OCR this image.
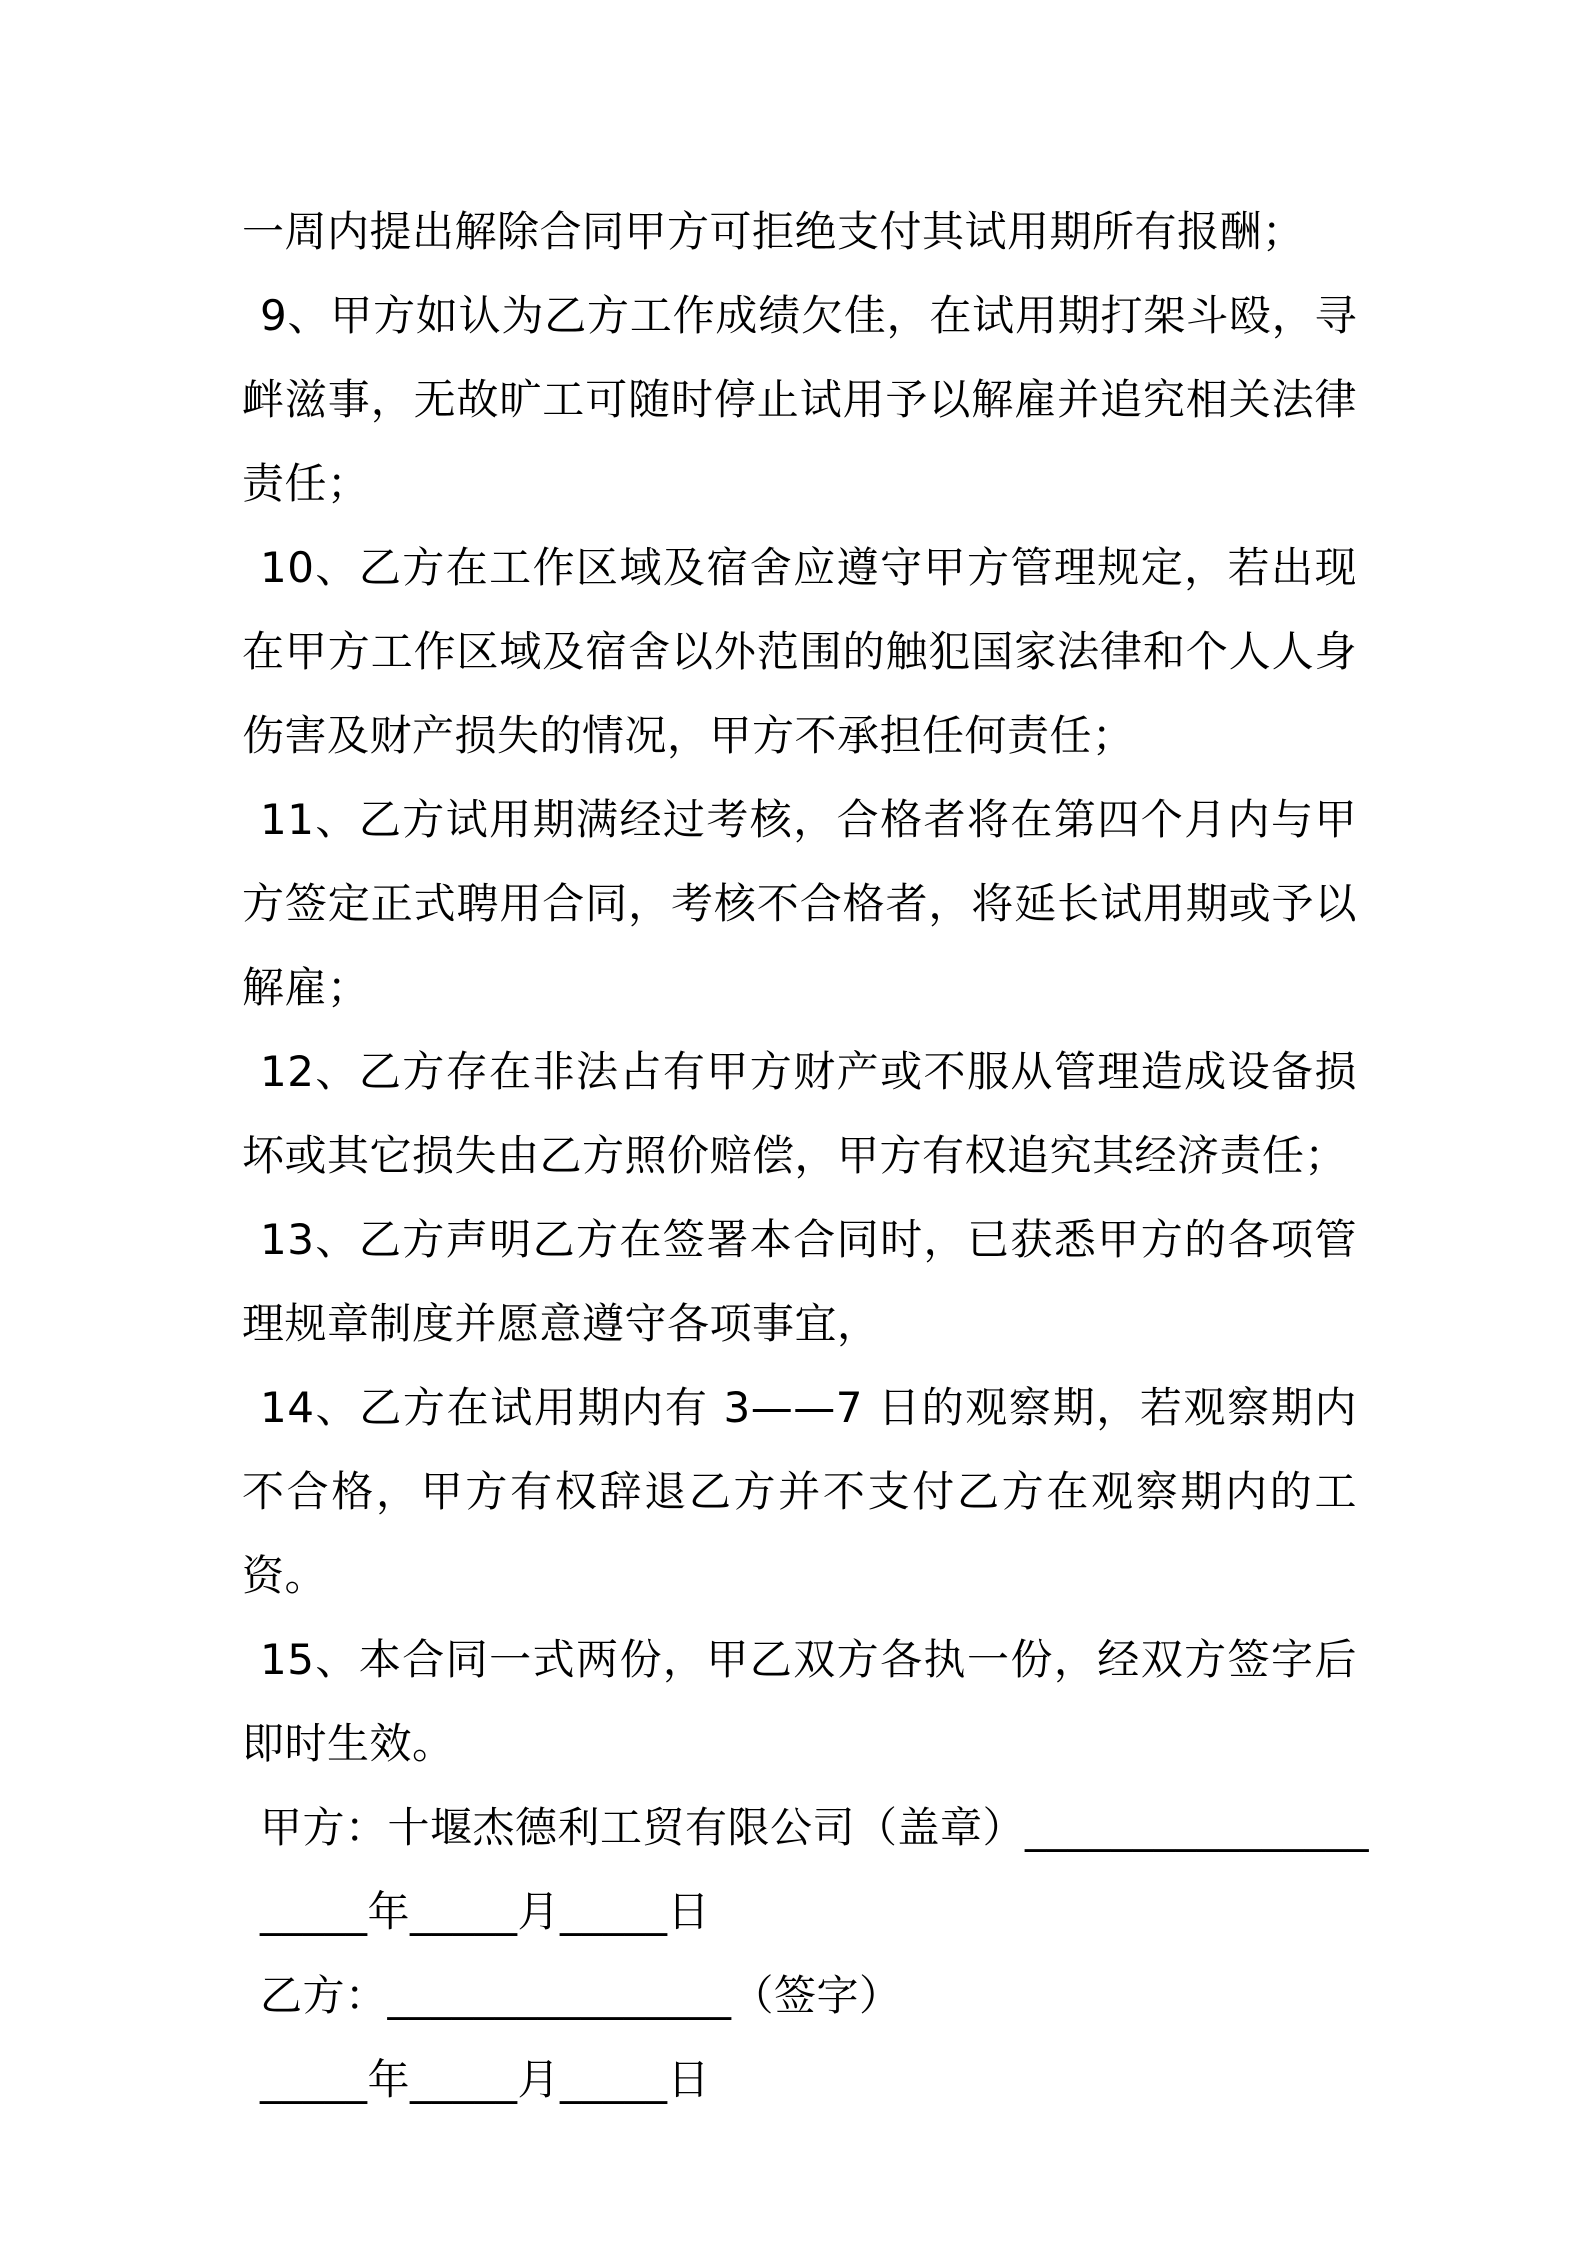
一周内提出解除合同甲方可拒绝支付其试用期所有报酬；

9、甲方如认为乙方工作成绩欠佳，在试用期打架斗殴，寻衅滋事，无故旷工可随时停止试用予以解雇并追究相关法律责任；

10、乙方在工作区域及宿舍应遵守甲方管理规定，若出现在甲方工作区域及宿舍以外范围的触犯国家法律和个人人身伤害及财产损失的情况，甲方不承担任何责任；

11、乙方试用期满经过考核，合格者将在第四个月内与甲方签定正式聘用合同，考核不合格者，将延长试用期或予以解雇；

12、乙方存在非法占有甲方财产或不服从管理造成设备损坏或其它损失由乙方照价赔偿，甲方有权追究其经济责任；

13、乙方声明乙方在签署本合同时，已获悉甲方的各项管理规章制度并愿意遵守各项事宜，

14、乙方在试用期内有 3——7 日的观察期，若观察期内不合格，甲方有权辞退乙方并不支付乙方在观察期内的工资。

15、本合同一式两份，甲乙双方各执一份，经双方签字后即时生效。

甲方：十堰杰德利工贸有限公司（盖章）________________

_____年_____月_____日

乙方：________________（签字）

_____年_____月_____日
